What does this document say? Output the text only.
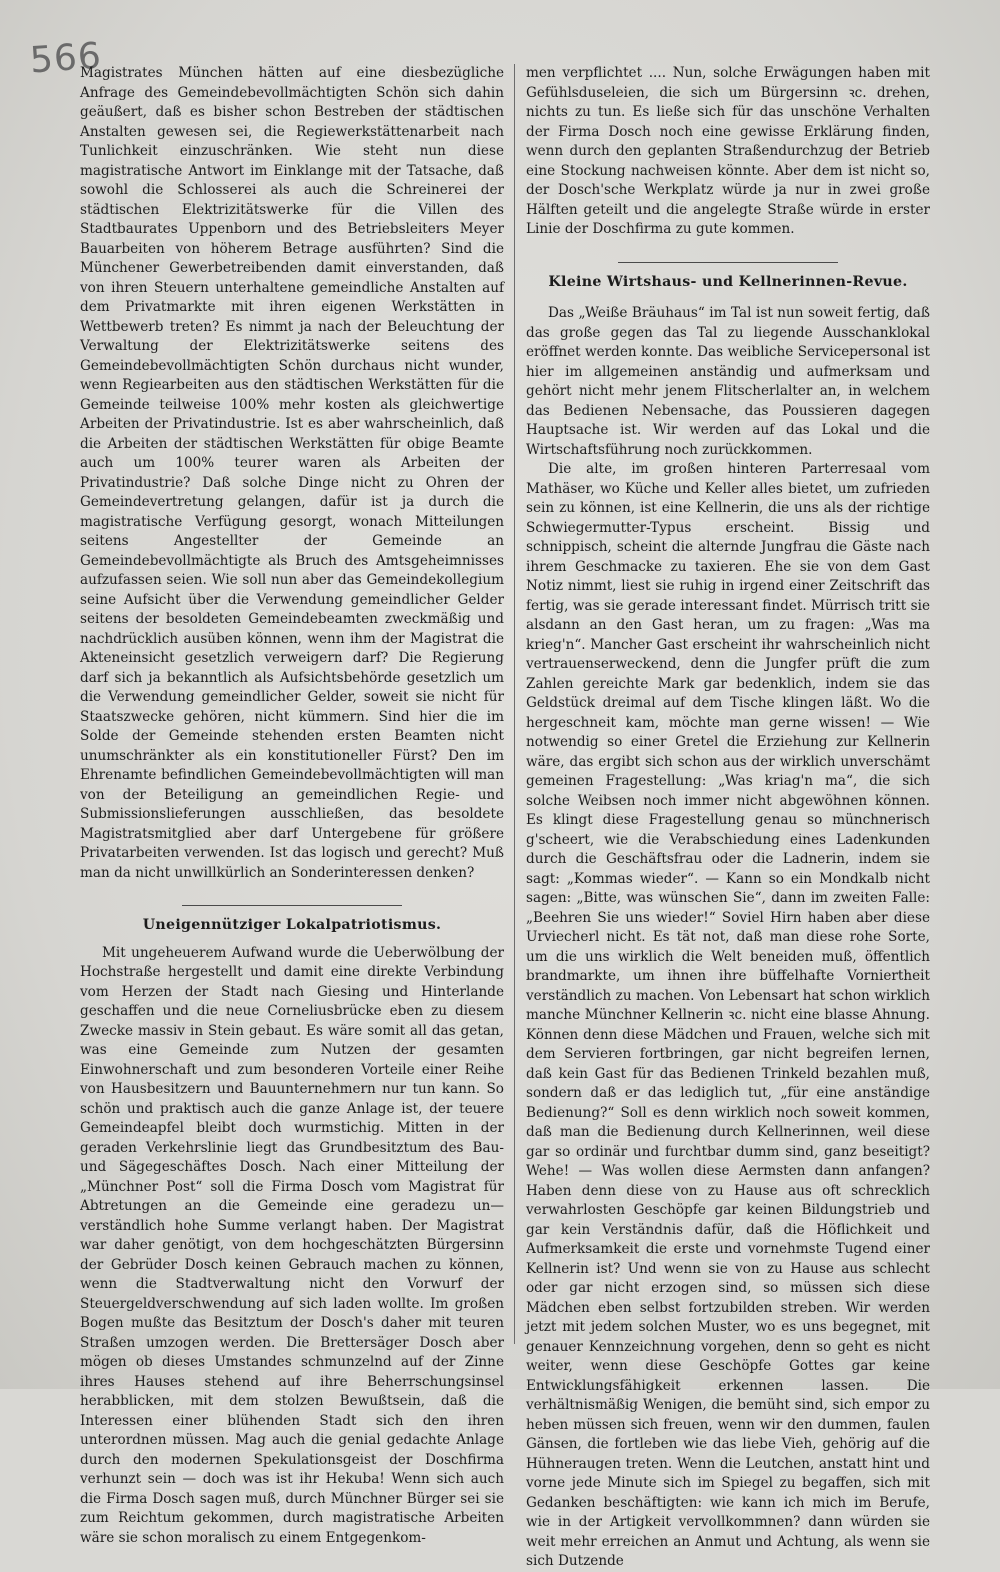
566

Magistrates München hätten auf eine diesbezügliche Anfrage des Gemeindebevollmächtigten Schön sich dahin geäußert, daß es bisher schon Bestreben der städtischen Anstalten gewesen sei, die Regiewerkstättenarbeit nach Tunlichkeit einzuschränken. Wie steht nun diese magistratische Antwort im Einklange mit der Tatsache, daß sowohl die Schlosserei als auch die Schreinerei der städtischen Elektrizitätswerke für die Villen des Stadtbaurates Uppenborn und des Betriebsleiters Meyer Bauarbeiten von höherem Betrage ausführten? Sind die Münchener Gewerbetreibenden damit einverstanden, daß von ihren Steuern unterhaltene gemeindliche Anstalten auf dem Privatmarkte mit ihren eigenen Werkstätten in Wettbewerb treten? Es nimmt ja nach der Beleuchtung der Verwaltung der Elektrizitätswerke seitens des Gemeindebevollmächtigten Schön durchaus nicht wunder, wenn Regiearbeiten aus den städtischen Werkstätten für die Gemeinde teilweise 100% mehr kosten als gleichwertige Arbeiten der Privatindustrie. Ist es aber wahrscheinlich, daß die Arbeiten der städtischen Werkstätten für obige Beamte auch um 100% teurer waren als Arbeiten der Privatindustrie? Daß solche Dinge nicht zu Ohren der Gemeindevertretung gelangen, dafür ist ja durch die magistratische Verfügung gesorgt, wonach Mitteilungen seitens Angestellter der Gemeinde an Gemeindebevollmächtigte als Bruch des Amtsgeheimnisses aufzufassen seien. Wie soll nun aber das Gemeindekollegium seine Aufsicht über die Verwendung gemeindlicher Gelder seitens der besoldeten Gemeindebeamten zweckmäßig und nachdrücklich ausüben können, wenn ihm der Magistrat die Akteneinsicht gesetzlich verweigern darf? Die Regierung darf sich ja bekanntlich als Aufsichtsbehörde gesetzlich um die Verwendung gemeindlicher Gelder, soweit sie nicht für Staatszwecke gehören, nicht kümmern. Sind hier die im Solde der Gemeinde stehenden ersten Beamten nicht unumschränkter als ein konstitutioneller Fürst? Den im Ehrenamte befindlichen Gemeindebevollmächtigten will man von der Beteiligung an gemeindlichen Regie- und Submissionslieferungen ausschließen, das besoldete Magistratsmitglied aber darf Untergebene für größere Privatarbeiten verwenden. Ist das logisch und gerecht? Muß man da nicht unwillkürlich an Sonderinteressen denken?

Uneigennütziger Lokalpatriotismus.

Mit ungeheuerem Aufwand wurde die Ueberwölbung der Hochstraße hergestellt und damit eine direkte Verbindung vom Herzen der Stadt nach Giesing und Hinterlande geschaffen und die neue Corneliusbrücke eben zu diesem Zwecke massiv in Stein gebaut. Es wäre somit all das getan, was eine Gemeinde zum Nutzen der gesamten Einwohnerschaft und zum besonderen Vorteile einer Reihe von Hausbesitzern und Bauunternehmern nur tun kann. So schön und praktisch auch die ganze Anlage ist, der teuere Gemeindeapfel bleibt doch wurmstichig. Mitten in der geraden Verkehrslinie liegt das Grundbesitztum des Bau- und Sägegeschäftes Dosch. Nach einer Mitteilung der „Münchner Post“ soll die Firma Dosch vom Magistrat für Abtretungen an die Gemeinde eine geradezu un—verständlich hohe Summe verlangt haben. Der Magistrat war daher genötigt, von dem hochgeschätzten Bürgersinn der Gebrüder Dosch keinen Gebrauch machen zu können, wenn die Stadtverwaltung nicht den Vorwurf der Steuergeldverschwendung auf sich laden wollte. Im großen Bogen mußte das Besitztum der Dosch's daher mit teuren Straßen umzogen werden. Die Brettersäger Dosch aber mögen ob dieses Umstandes schmunzelnd auf der Zinne ihres Hauses stehend auf ihre Beherrschungsinsel herabblicken, mit dem stolzen Bewußtsein, daß die Interessen einer blühenden Stadt sich den ihren unterordnen müssen. Mag auch die genial gedachte Anlage durch den modernen Spekulationsgeist der Doschfirma verhunzt sein — doch was ist ihr Hekuba! Wenn sich auch die Firma Dosch sagen muß, durch Münchner Bürger sei sie zum Reichtum gekommen, durch magistratische Arbeiten wäre sie schon moralisch zu einem Entgegenkom-

men verpflichtet .... Nun, solche Erwägungen haben mit Gefühlsduseleien, die sich um Bürgersinn ꝛc. drehen, nichts zu tun. Es ließe sich für das unschöne Verhalten der Firma Dosch noch eine gewisse Erklärung finden, wenn durch den geplanten Straßendurchzug der Betrieb eine Stockung nachweisen könnte. Aber dem ist nicht so, der Dosch'sche Werkplatz würde ja nur in zwei große Hälften geteilt und die angelegte Straße würde in erster Linie der Doschfirma zu gute kommen.

Kleine Wirtshaus- und Kellnerinnen-Revue.

Das „Weiße Bräuhaus“ im Tal ist nun soweit fertig, daß das große gegen das Tal zu liegende Ausschanklokal eröffnet werden konnte. Das weibliche Servicepersonal ist hier im allgemeinen anständig und aufmerksam und gehört nicht mehr jenem Flitscherlalter an, in welchem das Bedienen Nebensache, das Poussieren dagegen Hauptsache ist. Wir werden auf das Lokal und die Wirtschaftsführung noch zurückkommen.

Die alte, im großen hinteren Parterresaal vom Mathäser, wo Küche und Keller alles bietet, um zufrieden sein zu können, ist eine Kellnerin, die uns als der richtige Schwiegermutter-Typus erscheint. Bissig und schnippisch, scheint die alternde Jungfrau die Gäste nach ihrem Geschmacke zu taxieren. Ehe sie von dem Gast Notiz nimmt, liest sie ruhig in irgend einer Zeitschrift das fertig, was sie gerade interessant findet. Mürrisch tritt sie alsdann an den Gast heran, um zu fragen: „Was ma krieg'n“. Mancher Gast erscheint ihr wahrscheinlich nicht vertrauenserweckend, denn die Jungfer prüft die zum Zahlen gereichte Mark gar bedenklich, indem sie das Geldstück dreimal auf dem Tische klingen läßt. Wo die hergeschneit kam, möchte man gerne wissen! — Wie notwendig so einer Gretel die Erziehung zur Kellnerin wäre, das ergibt sich schon aus der wirklich unverschämt gemeinen Fragestellung: „Was kriag'n ma“, die sich solche Weibsen noch immer nicht abgewöhnen können. Es klingt diese Fragestellung genau so münchnerisch g'scheert, wie die Verabschiedung eines Ladenkunden durch die Geschäftsfrau oder die Ladnerin, indem sie sagt: „Kommas wieder“. — Kann so ein Mondkalb nicht sagen: „Bitte, was wünschen Sie“, dann im zweiten Falle: „Beehren Sie uns wieder!“ Soviel Hirn haben aber diese Urviecherl nicht. Es tät not, daß man diese rohe Sorte, um die uns wirklich die Welt beneiden muß, öffentlich brandmarkte, um ihnen ihre büffelhafte Vorniertheit verständlich zu machen. Von Lebensart hat schon wirklich manche Münchner Kellnerin ꝛc. nicht eine blasse Ahnung. Können denn diese Mädchen und Frauen, welche sich mit dem Servieren fortbringen, gar nicht begreifen lernen, daß kein Gast für das Bedienen Trinkeld bezahlen muß, sondern daß er das lediglich tut, „für eine anständige Bedienung?“ Soll es denn wirklich noch soweit kommen, daß man die Bedienung durch Kellnerinnen, weil diese gar so ordinär und furchtbar dumm sind, ganz beseitigt? Wehe! — Was wollen diese Aermsten dann anfangen? Haben denn diese von zu Hause aus oft schrecklich verwahrlosten Geschöpfe gar keinen Bildungstrieb und gar kein Verständnis dafür, daß die Höflichkeit und Aufmerksamkeit die erste und vornehmste Tugend einer Kellnerin ist? Und wenn sie von zu Hause aus schlecht oder gar nicht erzogen sind, so müssen sich diese Mädchen eben selbst fortzubilden streben. Wir werden jetzt mit jedem solchen Muster, wo es uns begegnet, mit genauer Kennzeichnung vorgehen, denn so geht es nicht weiter, wenn diese Geschöpfe Gottes gar keine Entwicklungsfähigkeit erkennen lassen. Die verhältnismäßig Wenigen, die bemüht sind, sich empor zu heben müssen sich freuen, wenn wir den dummen, faulen Gänsen, die fortleben wie das liebe Vieh, gehörig auf die Hühneraugen treten. Wenn die Leutchen, anstatt hint und vorne jede Minute sich im Spiegel zu begaffen, sich mit Gedanken beschäftigten: wie kann ich mich im Berufe, wie in der Artigkeit vervollkommnen? dann würden sie weit mehr erreichen an Anmut und Achtung, als wenn sie sich Dutzende
